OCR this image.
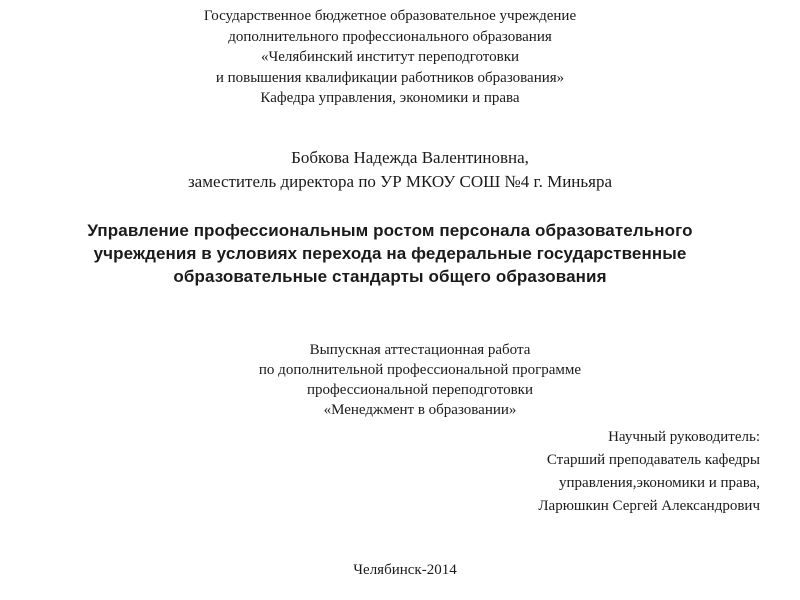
Государственное бюджетное образовательное учреждение
дополнительного профессионального образования
«Челябинский институт переподготовки
и повышения квалификации работников образования»
Кафедра управления, экономики и права
Бобкова Надежда Валентиновна,
заместитель директора по УР МКОУ СОШ №4 г. Миньяра
Управление профессиональным ростом персонала образовательного
учреждения в условиях перехода на федеральные государственные
образовательные стандарты общего образования
Выпускная аттестационная работа
по дополнительной профессиональной программе
профессиональной переподготовки
«Менеджмент в образовании»
Научный руководитель:
Старший преподаватель кафедры
управления,экономики и права,
Ларюшкин Сергей Александрович
Челябинск-2014
